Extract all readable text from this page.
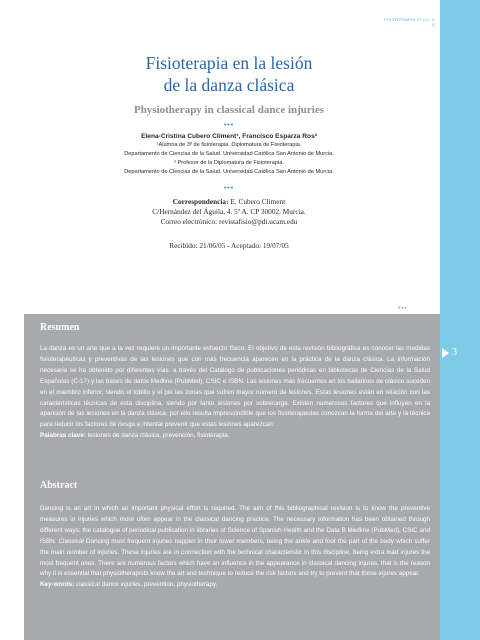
3
FISIOTERAPIA 27 (1): 3-11

Fisioterapia en la lesión
de la danza clásica

Physiotherapy in classical dance injuries

•••

Elena-Cristina Cubero Climent¹, Francisco Esparza Ros²

¹Alumna de 3º de fisioterapia. Diplomatura de Fisioterapia.

Departamento de Ciencias de la Salud. Universidad Católica San Antonio de Murcia.

² Profesor de la Diplomatura de Fisioterapia.

Departamento de Ciencias de la Salud. Universidad Católica San Antonio de Murcia.

•••

Correspondencia: E. Cubero Climent

C/Hernández del Águila, 4. 5º A. CP 30002. Murcia.

Correo electrónico: revistafisio@pdi.ucam.edu

Recibido: 21/06/05 - Aceptado: 19/07/05

•••
Resumen

La danza es un arte que a la vez requiere un importante esfuerzo físico. El objetivo de esta revisión bibliográfica es conocer las medidas fisioterapéuticas y preventivas de las lesiones que con más frecuencia aparecen en la práctica de la danza clásica. La información necesaria se ha obtenido por diferentes vías: a través del Catálogo de publicaciones periódicas en bibliotecas de Ciencias de la Salud Españolas (C-17) y las bases de datos Medline (PubMed), CSIC e ISBN. Las lesiones más frecuentes en los bailarines de clásico suceden en el miembro inferior, siendo el tobillo y el pie las zonas que sufren mayor número de lesiones. Estas lesiones están en relación con las características técnicas de esta disciplina, siendo por tanto lesiones por sobrecarga. Existen numerosos factores que influyen en la aparición de las lesiones en la danza clásica, por ello resulta imprescindible que los fisioterapeutas conozcan la forma del arte y la técnica para reducir los factores de riesgo e intentar prevenir que estas lesiones aparezcan.

Palabras clave: lesiones de danza clásica, prevención, fisioterapia.

Abstract

Dancing is an art in which an important physical effort is required. The aim of this bibliographical revision is to know the preventive measures in injuries which more often appear in the classical dancing practice. The necessary information has been obtained through different ways: the catalogue of periodical publication in libraries of Science of Spanish Health and the Data B Medline (PubMed), CSIC and ISBN. Classical Dancing most frequent injuries happen in their lower members, being the ankle and foot the part of the body which suffer the main number of injuries. These injuries are in connection with the technical characteristic in this discipline, being extra load injures the most frequent ones. There are numerous factors which have an influence in the appearance in classical dancing injures, that is the reason why it is essential that physiotherapists know the art and technique to reduce the risk factors and try to prevent that these injures appear.

Key-words: classical dance injuries, prevention, physiotherapy.
